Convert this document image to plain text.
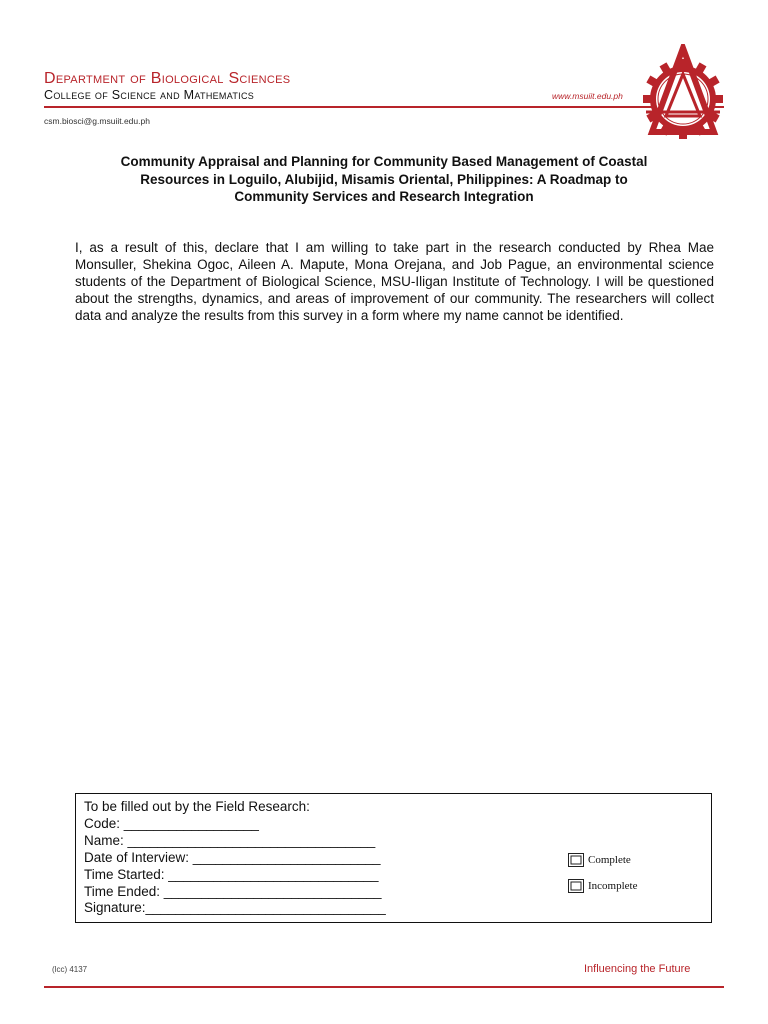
Department of Biological Sciences
College of Science and Mathematics	www.msuiit.edu.ph
csm.biosci@g.msuiit.edu.ph
Community Appraisal and Planning for Community Based Management of Coastal
Resources in Loguilo, Alubijid, Misamis Oriental, Philippines: A Roadmap to
Community Services and Research Integration
I, as a result of this, declare that I am willing to take part in the research conducted by Rhea Mae Monsuller, Shekina Ogoc, Aileen A. Mapute, Mona Orejana, and Job Pague, an environmental science students of the Department of Biological Science, MSU-Iligan Institute of Technology. I will be questioned about the strengths, dynamics, and areas of improvement of our community. The researchers will collect data and analyze the results from this survey in a form where my name cannot be identified.
To be filled out by the Field Research:
Code: __________________
Name: _________________________________
Date of Interview: _________________________
Time Started: ____________________________
Time Ended: _____________________________
Signature:________________________________
Complete
Incomplete
(lcc) 4137	Influencing the Future
